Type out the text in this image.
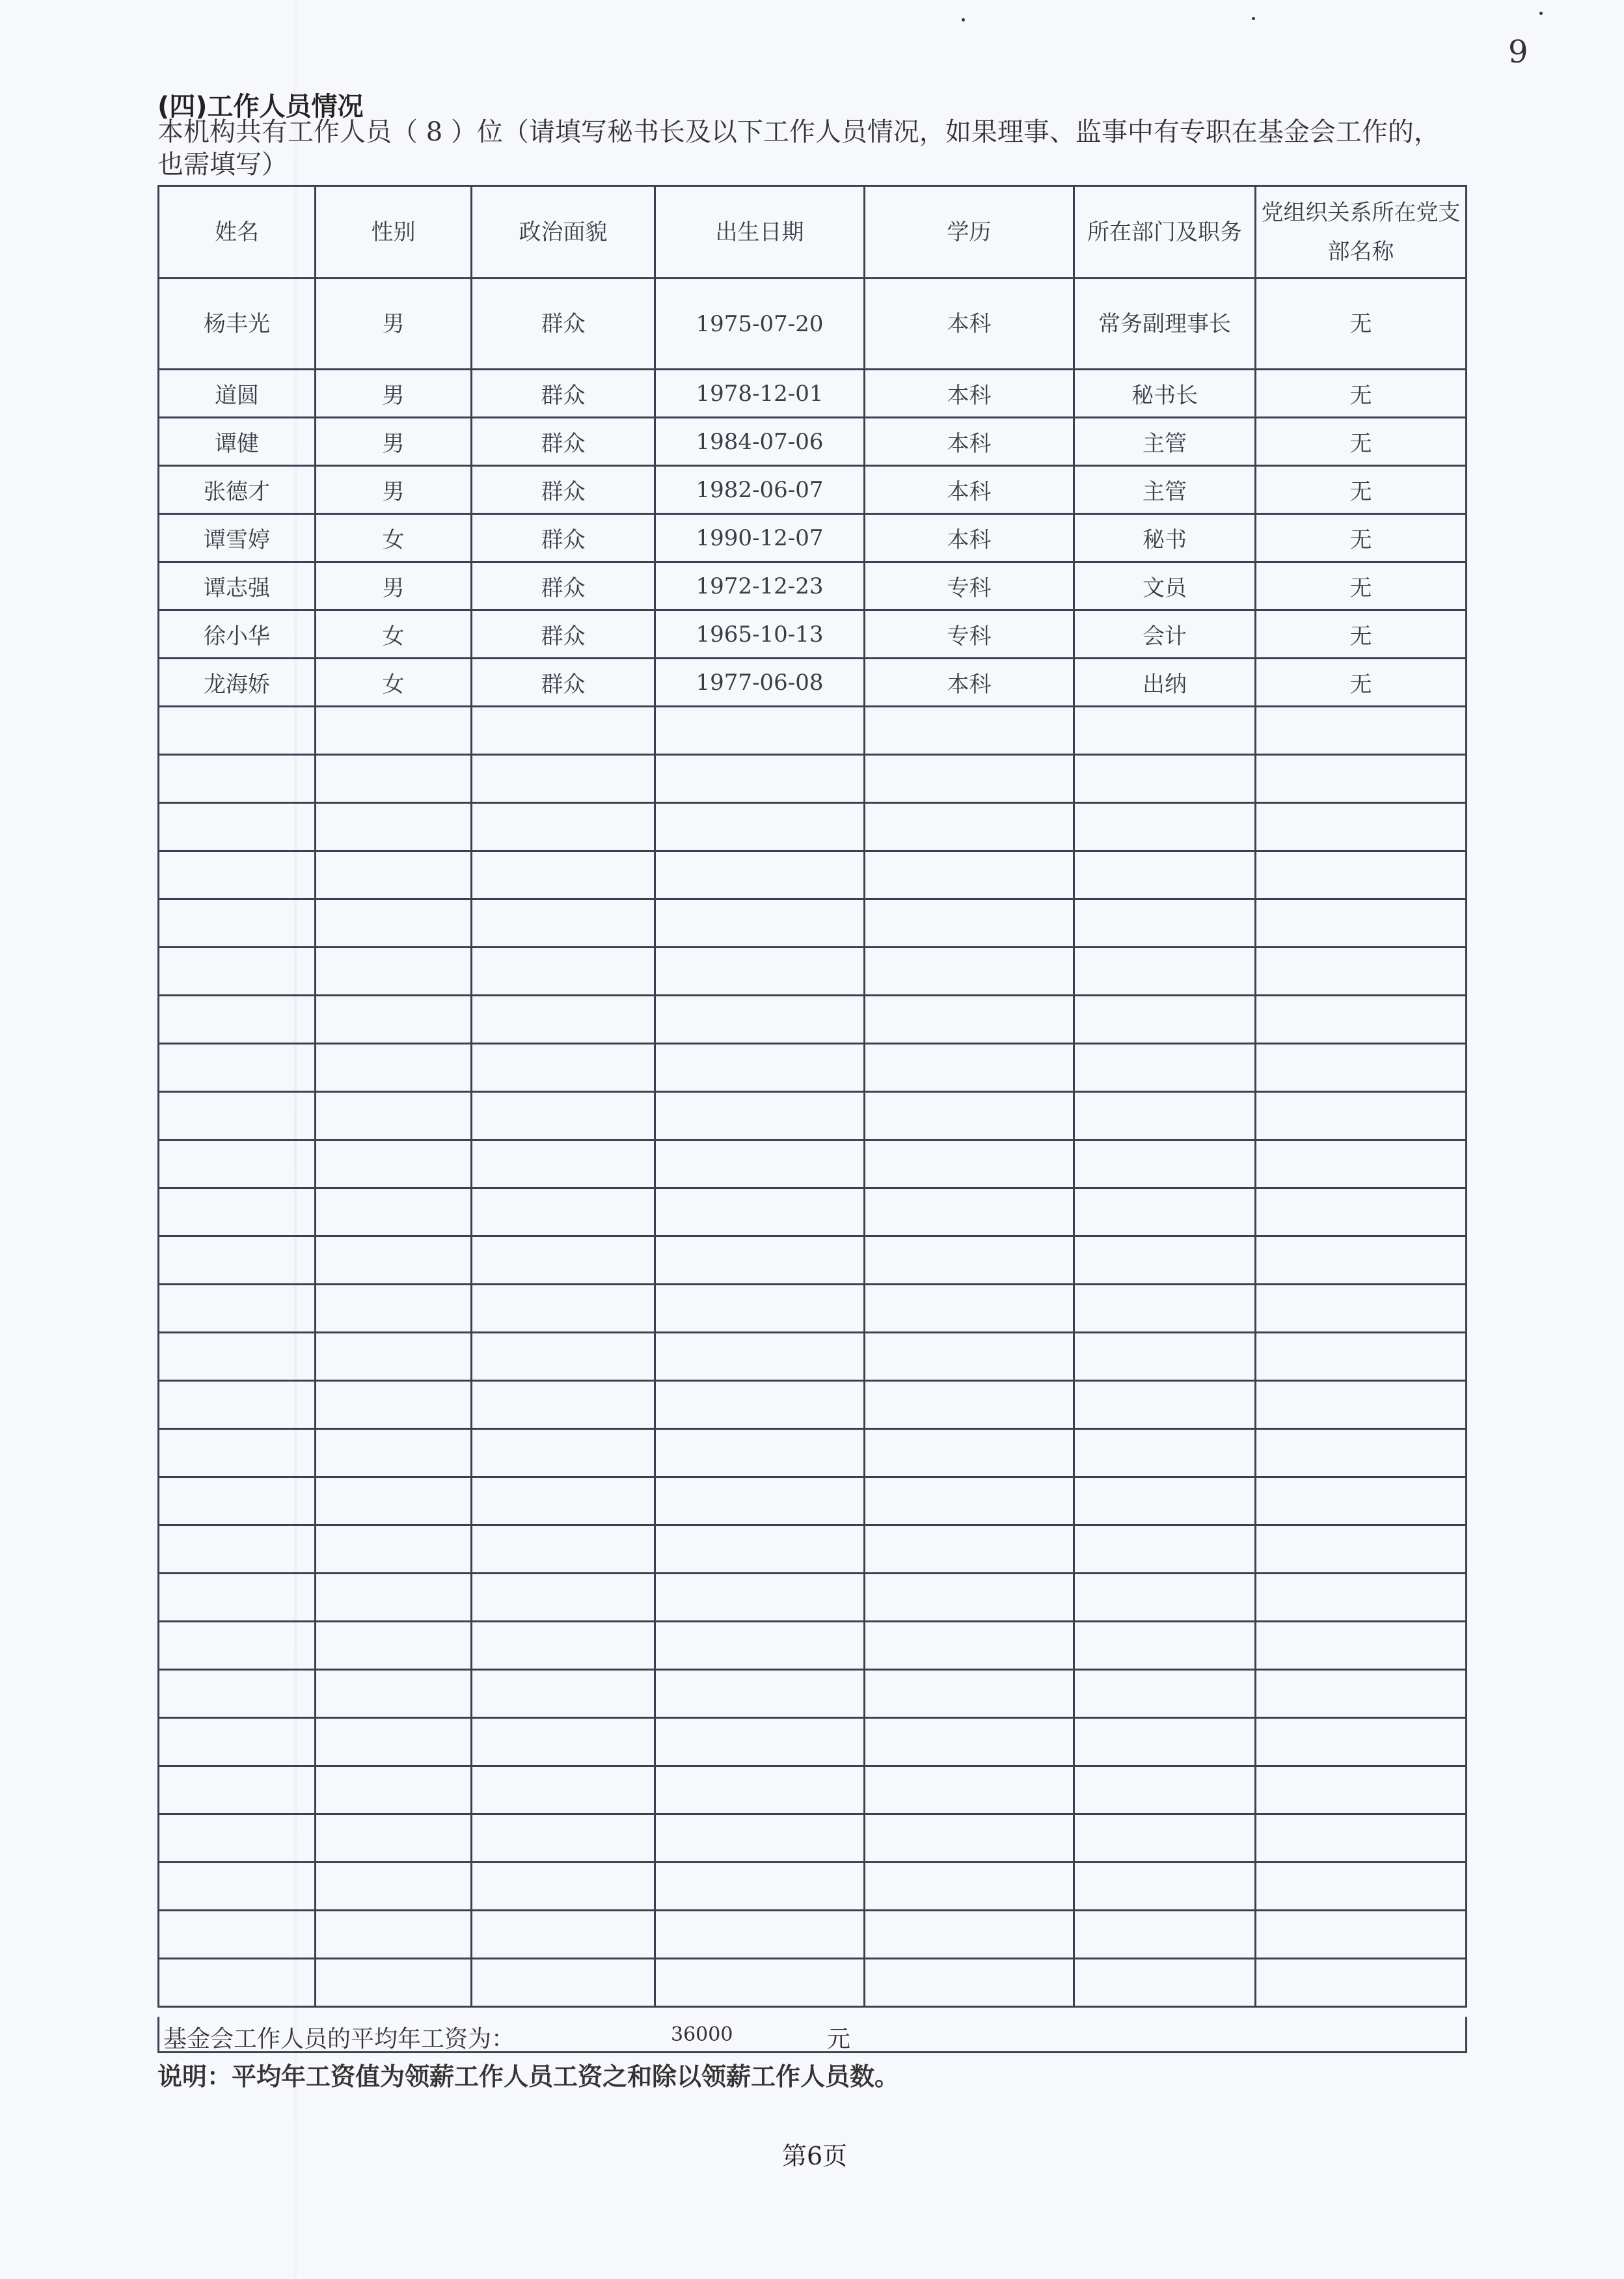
9
(四)工作人员情况
本机构共有工作人员（ 8 ）位（请填写秘书长及以下工作人员情况，如果理事、监事中有专职在基金会工作的，也需填写）
姓名	性别	政治面貌	出生日期	学历	所在部门及职务	党组织关系所在党支部名称
杨丰光	男	群众	1975-07-20	本科	常务副理事长	无
道圆	男	群众	1978-12-01	本科	秘书长	无
谭健	男	群众	1984-07-06	本科	主管	无
张德才	男	群众	1982-06-07	本科	主管	无
谭雪婷	女	群众	1990-12-07	本科	秘书	无
谭志强	男	群众	1972-12-23	专科	文员	无
徐小华	女	群众	1965-10-13	专科	会计	无
龙海娇	女	群众	1977-06-08	本科	出纳	无

基金会工作人员的平均年工资为：	36000	元
说明：平均年工资值为领薪工作人员工资之和除以领薪工作人员数。
第6页
